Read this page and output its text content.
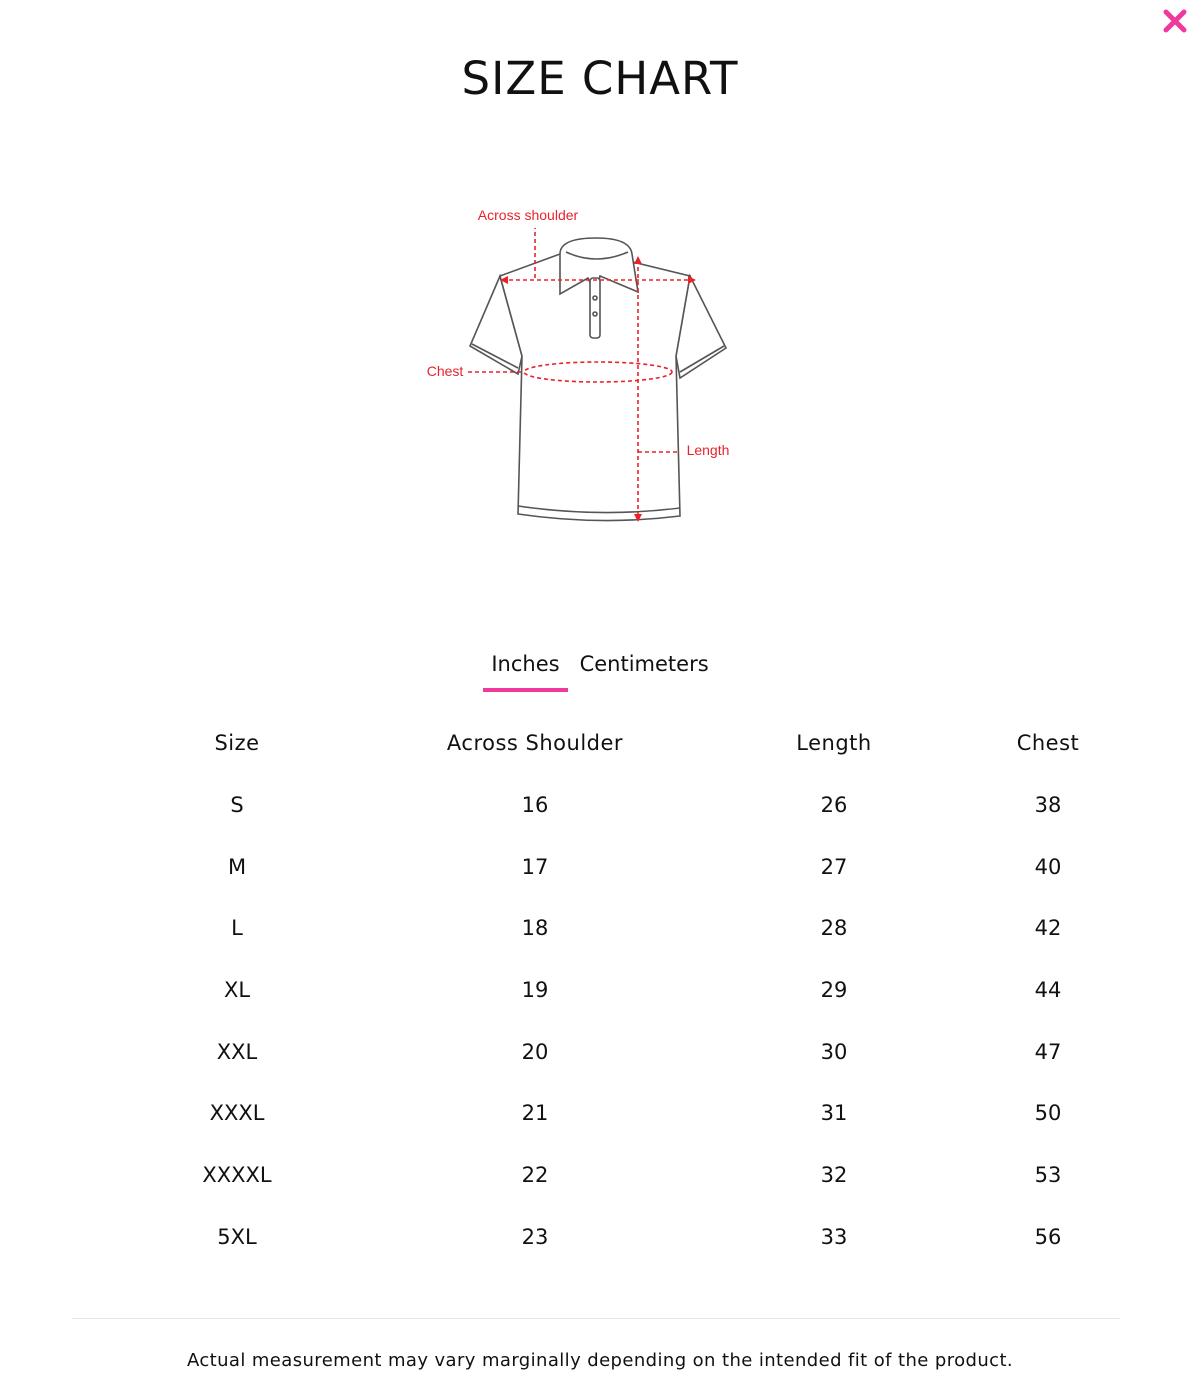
SIZE CHART
Across shoulder
Chest
Length
Inches Centimeters
Size	Across Shoulder	Length	Chest
S	16	26	38
M	17	27	40
L	18	28	42
XL	19	29	44
XXL	20	30	47
XXXL	21	31	50
XXXXL	22	32	53
5XL	23	33	56
Actual measurement may vary marginally depending on the intended fit of the product.
